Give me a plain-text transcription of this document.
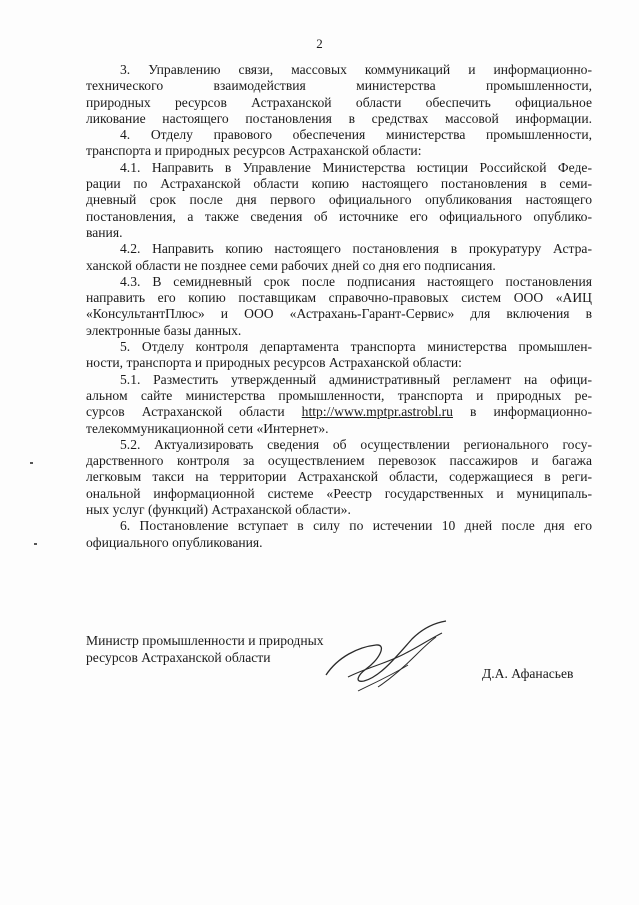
2
3. Управлению связи, массовых коммуникаций и информационно-
технического взаимодействия министерства промышленности,
природных ресурсов Астраханской области обеспечить официальное
ликование настоящего постановления в средствах массовой информации.
4. Отделу правового обеспечения министерства промышленности,
транспорта и природных ресурсов Астраханской области:
4.1. Направить в Управление Министерства юстиции Российской Феде-
рации по Астраханской области копию настоящего постановления в семи-
дневный срок после дня первого официального опубликования настоящего
постановления, а также сведения об источнике его официального опублико-
вания.
4.2. Направить копию настоящего постановления в прокуратуру Астра-
ханской области не позднее семи рабочих дней со дня его подписания.
4.3. В семидневный срок после подписания настоящего постановления
направить его копию поставщикам справочно-правовых систем ООО «АИЦ
«КонсультантПлюс» и ООО «Астрахань-Гарант-Сервис» для включения в
электронные базы данных.
5. Отделу контроля департамента транспорта министерства промышлен-
ности, транспорта и природных ресурсов Астраханской области:
5.1. Разместить утвержденный административный регламент на офици-
альном сайте министерства промышленности, транспорта и природных ре-
сурсов Астраханской области http://www.mptpr.astrobl.ru в информационно-
телекоммуникационной сети «Интернет».
5.2. Актуализировать сведения об осуществлении регионального госу-
дарственного контроля за осуществлением перевозок пассажиров и багажа
легковым такси на территории Астраханской области, содержащиеся в реги-
ональной информационной системе «Реестр государственных и муниципаль-
ных услуг (функций) Астраханской области».
6. Постановление вступает в силу по истечении 10 дней после дня его
официального опубликования.
Министр промышленности и природных
ресурсов Астраханской области
Д.А. Афанасьев
